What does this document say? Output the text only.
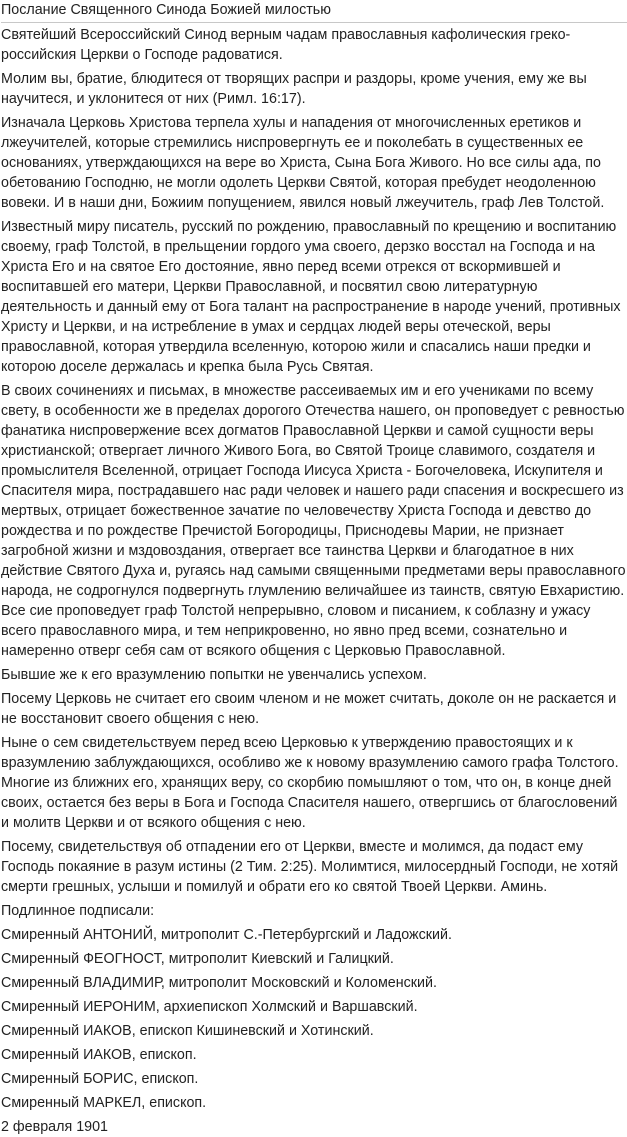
Послание Священного Синода Божией милостью

Святейший Всероссийский Синод верным чадам православныя кафолическия греко-российския Церкви о Господе радоватися.

Молим вы, братие, блюдитеся от творящих распри и раздоры, кроме учения, ему же вы научитеся, и уклонитеся от них (Римл. 16:17).

Изначала Церковь Христова терпела хулы и нападения от многочисленных еретиков и лжеучителей, которые стремились ниспровергнуть ее и поколебать в существенных ее основаниях, утверждающихся на вере во Христа, Сына Бога Живого. Но все силы ада, по обетованию Господню, не могли одолеть Церкви Святой, которая пребудет неодоленною вовеки. И в наши дни, Божиим попущением, явился новый лжеучитель, граф Лев Толстой.

Известный миру писатель, русский по рождению, православный по крещению и воспитанию своему, граф Толстой, в прельщении гордого ума своего, дерзко восстал на Господа и на Христа Его и на святое Его достояние, явно перед всеми отрекся от вскормившей и воспитавшей его матери, Церкви Православной, и посвятил свою литературную деятельность и данный ему от Бога талант на распространение в народе учений, противных Христу и Церкви, и на истребление в умах и сердцах людей веры отеческой, веры православной, которая утвердила вселенную, которою жили и спасались наши предки и которою доселе держалась и крепка была Русь Святая.

В своих сочинениях и письмах, в множестве рассеиваемых им и его учениками по всему свету, в особенности же в пределах дорогого Отечества нашего, он проповедует с ревностью фанатика ниспровержение всех догматов Православной Церкви и самой сущности веры христианской; отвергает личного Живого Бога, во Святой Троице славимого, создателя и промыслителя Вселенной, отрицает Господа Иисуса Христа - Богочеловека, Искупителя и Спасителя мира, пострадавшего нас ради человек и нашего ради спасения и воскресшего из мертвых, отрицает божественное зачатие по человечеству Христа Господа и девство до рождества и по рождестве Пречистой Богородицы, Приснодевы Марии, не признает загробной жизни и мздовоздания, отвергает все таинства Церкви и благодатное в них действие Святого Духа и, ругаясь над самыми священными предметами веры православного народа, не содрогнулся подвергнуть глумлению величайшее из таинств, святую Евхаристию. Все сие проповедует граф Толстой непрерывно, словом и писанием, к соблазну и ужасу всего православного мира, и тем неприкровенно, но явно пред всеми, сознательно и намеренно отверг себя сам от всякого общения с Церковью Православной.

Бывшие же к его вразумлению попытки не увенчались успехом.

Посему Церковь не считает его своим членом и не может считать, доколе он не раскается и не восстановит своего общения с нею.

Ныне о сем свидетельствуем перед всею Церковью к утверждению правостоящих и к вразумлению заблуждающихся, особливо же к новому вразумлению самого графа Толстого. Многие из ближних его, хранящих веру, со скорбию помышляют о том, что он, в конце дней своих, остается без веры в Бога и Господа Спасителя нашего, отвергшись от благословений и молитв Церкви и от всякого общения с нею.

Посему, свидетельствуя об отпадении его от Церкви, вместе и молимся, да подаст ему Господь покаяние в разум истины (2 Тим. 2:25). Молимтися, милосердный Господи, не хотяй смерти грешных, услыши и помилуй и обрати его ко святой Твоей Церкви. Аминь.

Подлинное подписали:

Смиренный АНТОНИЙ, митрополит С.-Петербургский и Ладожский.

Смиренный ФЕОГНОСТ, митрополит Киевский и Галицкий.

Смиренный ВЛАДИМИР, митрополит Московский и Коломенский.

Смиренный ИЕРОНИМ, архиепископ Холмский и Варшавский.

Смиренный ИАКОВ, епископ Кишиневский и Хотинский.

Смиренный ИАКОВ, епископ.

Смиренный БОРИС, епископ.

Смиренный МАРКЕЛ, епископ.

2 февраля 1901
